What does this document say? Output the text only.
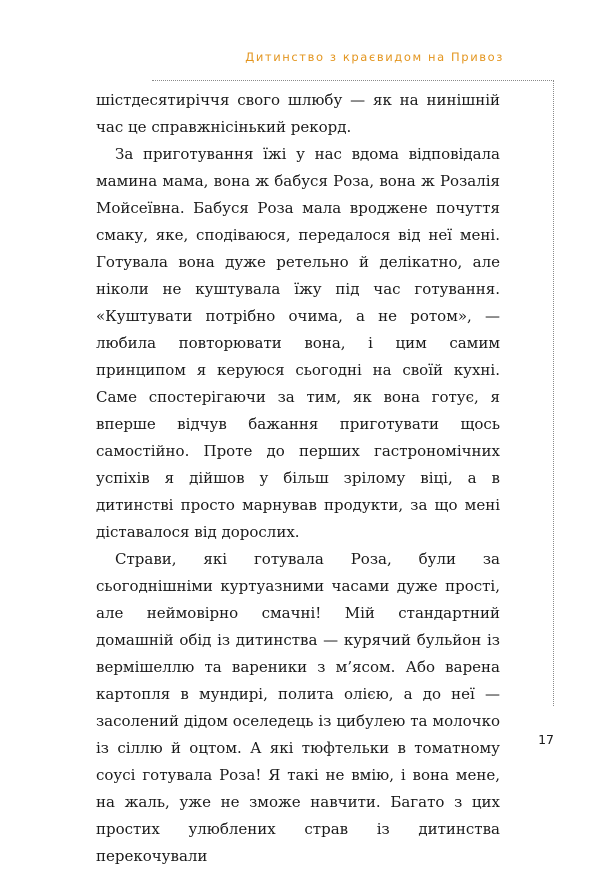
Дитинство з краєвидом на Привоз

шістдесятиріччя свого шлюбу — як на нинішній час це справжнісінький рекорд.

За приготування їжі у нас вдома відповідала мамина мама, вона ж бабуся Роза, вона ж Розалія Мойсеївна. Бабуся Роза мала вроджене почуття смаку, яке, сподіваюся, передалося від неї мені. Готувала вона дуже ретельно й делікатно, але ніколи не куштувала їжу під час готування. «Куштувати потрібно очима, а не ротом», — любила повторювати вона, і цим самим принципом я керуюся сьогодні на своїй кухні. Саме спостерігаючи за тим, як вона готує, я вперше відчув бажання приготувати щось самостійно. Проте до перших гастрономічних успіхів я дійшов у більш зрілому віці, а в дитинстві просто марнував продукти, за що мені діставалося від дорослих.

Страви, які готувала Роза, були за сьогоднішніми куртуазними часами дуже прості, але неймовірно смачні! Мій стандартний домашній обід із дитинства — курячий бульйон із вермішеллю та вареники з м’ясом. Або варена картопля в мундирі, полита олією, а до неї — засолений дідом оселедець із цибулею та молочко із сіллю й оцтом. А які тюфтельки в томатному соусі готувала Роза! Я такі не вмію, і вона мене, на жаль, уже не зможе навчити. Багато з цих простих улюблених страв із дитинства перекочували

17
